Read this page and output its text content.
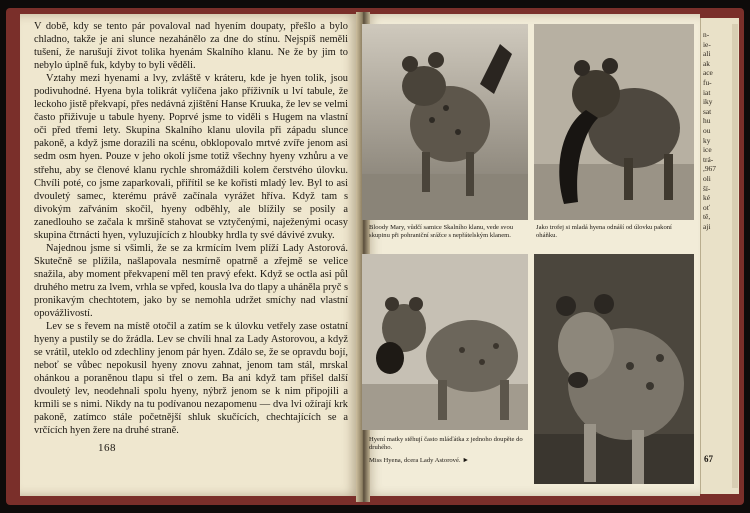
V době, kdy se tento pár povaloval nad hyením doupaty, přešlo a bylo chladno, takže je ani slunce nezahánělo za dne do stínu. Nejspíš neměli tušení, že narušují život tolika hyenám Skalního klanu. Ne že by jim to nebylo úplně fuk, kdyby to byli věděli.

Vztahy mezi hyenami a lvy, zvláště v kráteru, kde je hyen tolik, jsou podivuhodné. Hyena byla tolikrát vylíčena jako příživník u lví tabule, že leckoho jistě překvapí, přes nedávná zjištění Hanse Kruuka, že lev se velmi často přiživuje u tabule hyeny. Poprvé jsme to viděli s Hugem na vlastní oči před třemi lety. Skupina Skalního klanu ulovila při západu slunce pakoně, a když jsme dorazili na scénu, obklopovalo mrtvé zvíře jenom asi sedm osm hyen. Pouze v jeho okolí jsme totiž všechny hyeny vzhůru a ve střehu, aby se členové klanu rychle shromáždili kolem čerstvého úlovku. Chvíli poté, co jsme zaparkovali, přiřítil se ke kořisti mladý lev. Byl to asi dvouletý samec, kterému právě začínala vyrážet hříva. Když tam s divokým zařváním skočil, hyeny odběhly, ale blížily se posily a zanedlouho se začala k mršině stahovat se vztyčenými, naježenými ocasy skupina čtrnácti hyen, vyluzujících z hloubky hrdla ty své dávivé zvuky.

Najednou jsme si všimli, že se za krmícím lvem plíží Lady Astorová. Skutečně se plížila, našlapovala nesmírně opatrně a zřejmě se velice snažila, aby moment překvapení měl ten pravý efekt. Když se octla asi půl druhého metru za lvem, vrhla se vpřed, kousla lva do tlapy a uháněla pryč s pronikavým chechtotem, jako by se nemohla udržet smíchy nad vlastní opovážlivostí.

Lev se s řevem na místě otočil a zatím se k úlovku vetřely zase ostatní hyeny a pustily se do žrádla. Lev se chvíli hnal za Lady Astorovou, a když se vrátil, uteklo od zdechliny jenom pár hyen. Zdálo se, že se opravdu bojí, neboť se vůbec nepokusil hyeny znovu zahnat, jenom tam stál, mrskal ohánkou a poraněnou tlapu si třel o zem. Ba ani když tam přišel další dvouletý lev, neodehnali spolu hyeny, nýbrž jenom se k nim připojili a krmili se s nimi. Nikdy na tu podívanou nezapomenu — dva lvi ožírají krk pakoně, zatímco stále početnější shluk skučících, chechtajících se a vrčících hyen žere na druhé straně.

168
Bloody Mary, vůdčí samice Skalního klanu, vede svou skupinu při pohraniční srážce s nepřátelským klanem.
Jako trofej si mladá hyena odnáší od úlovku pakoní oháňku.
Hyení matky stěhují často mláďátka z jednoho doupěte do druhého.
Miss Hyena, dcera Lady Astorové. ►	67
n-
ie-
ali
ak
ace
fu-
iat
iky
sat
hu
ou
ky
ice
trá-
,967
oli
ší-
ké
oť
tě,
aji
